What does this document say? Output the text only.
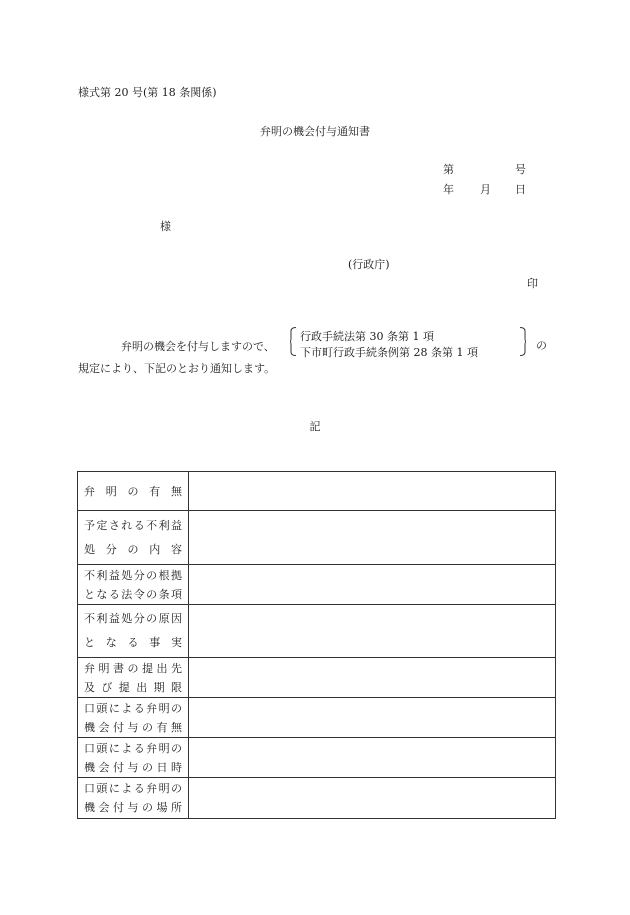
様式第 20 号(第 18 条関係)
弁明の機会付与通知書
第	号
年 月 日
様
(行政庁)
印
弁明の機会を付与しますので、
行政手続法第 30 条第 1 項
下市町行政手続条例第 28 条第 1 項
の
規定により、下記のとおり通知します。
記
弁 明 の 有 無	

予定される不利益
処 分 の 内 容	

不利益処分の根拠
となる法令の条項	

不利益処分の原因
と な る 事 実	

弁明書の提出先
及 び 提 出 期 限	

口頭による弁明の
機会付与の有無	

口頭による弁明の
機会付与の日時	

口頭による弁明の
機会付与の場所	
